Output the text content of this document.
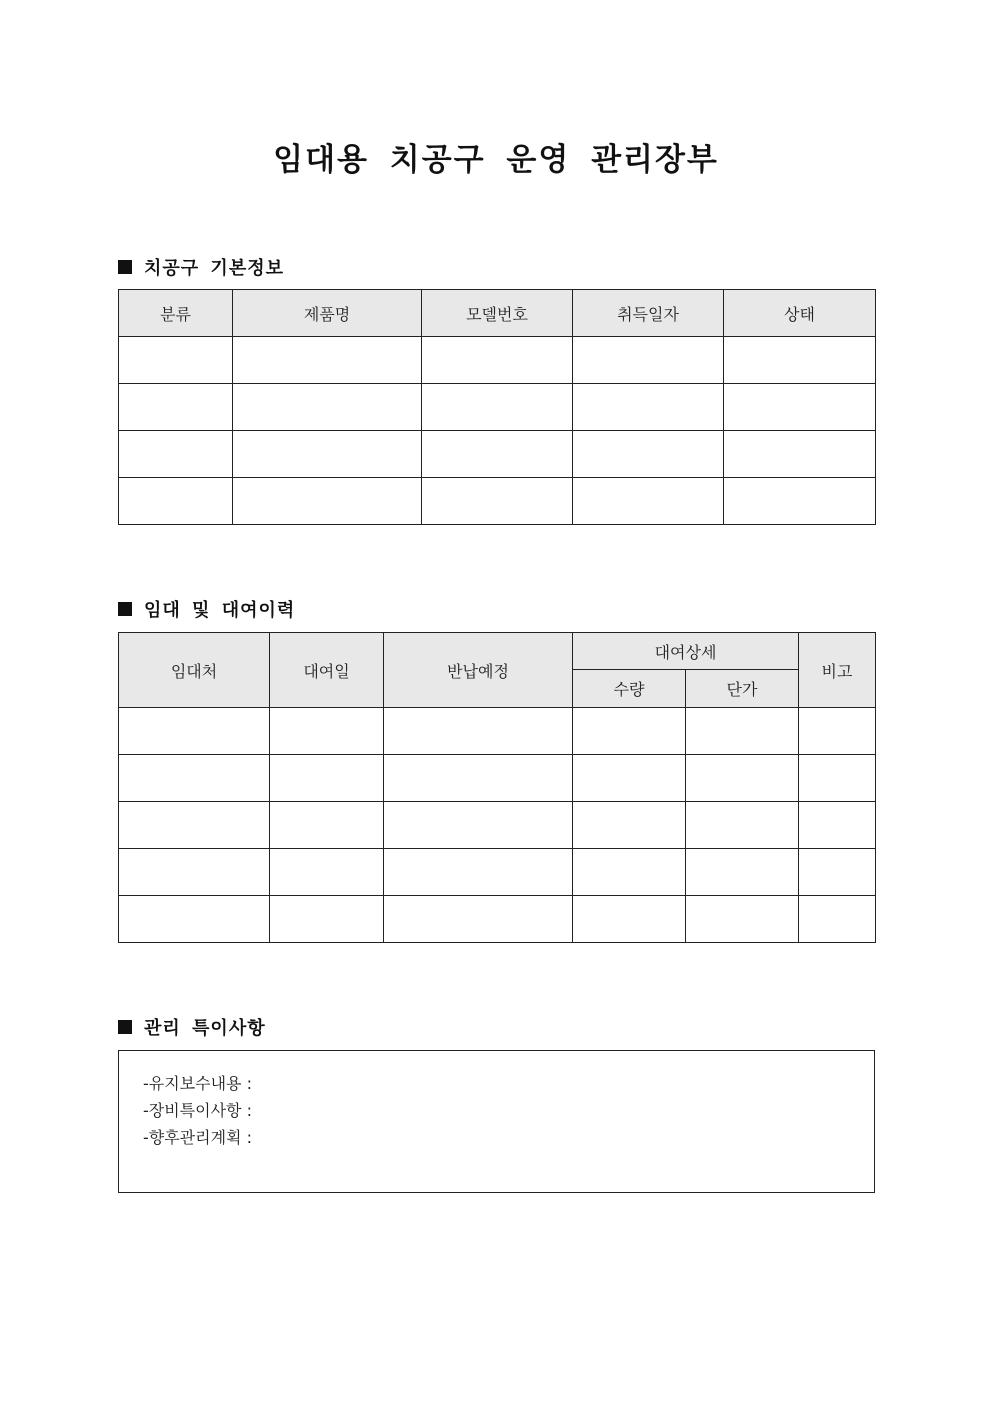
임대용 치공구 운영 관리장부
치공구 기본정보
분류	제품명	모델번호	취득일자	상태

임대 및 대여이력
임대처	대여일	반납예정	대여상세		비고
			수량	단가	

관리 특이사항
-유지보수내용 :
-장비특이사항 :
-향후관리계획 :
